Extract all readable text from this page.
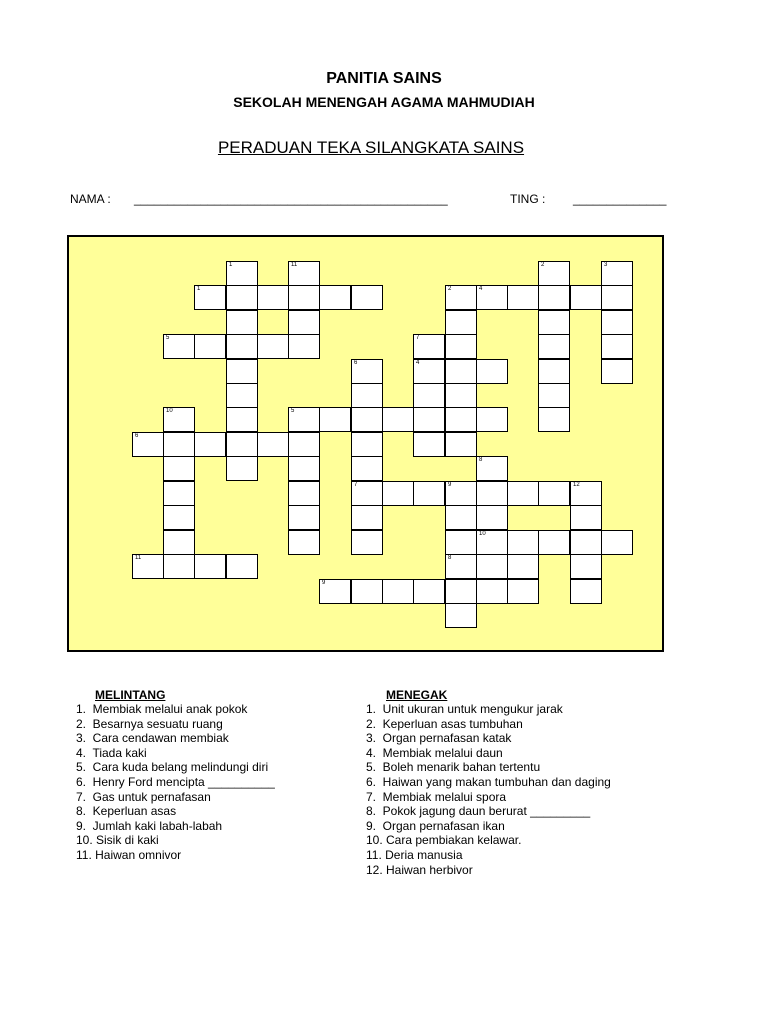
PANITIA SAINS
SEKOLAH MENENGAH AGAMA MAHMUDIAH
PERADUAN TEKA SILANGKATA SAINS
NAMA : _______________________________________________	TING : ______________
1	2	4
5
4
5
6
7	9
11	8
9
1	11	2	3
7
6
10
8
10
12
MELINTANG	MENEGAK
1.  Membiak melalui anak pokok
2.  Besarnya sesuatu ruang
3.  Cara cendawan membiak
4.  Tiada kaki
5.  Cara kuda belang melindungi diri
6.  Henry Ford mencipta __________
7.  Gas untuk pernafasan
8.  Keperluan asas
9.  Jumlah kaki labah-labah
10. Sisik di kaki
11. Haiwan omnivor
1.  Unit ukuran untuk mengukur jarak
2.  Keperluan asas tumbuhan
3.  Organ pernafasan katak
4.  Membiak melalui daun
5.  Boleh menarik bahan tertentu
6.  Haiwan yang makan tumbuhan dan daging
7.  Membiak melalui spora
8.  Pokok jagung daun berurat _________
9.  Organ pernafasan ikan
10. Cara pembiakan kelawar.
11. Deria manusia
12. Haiwan herbivor
